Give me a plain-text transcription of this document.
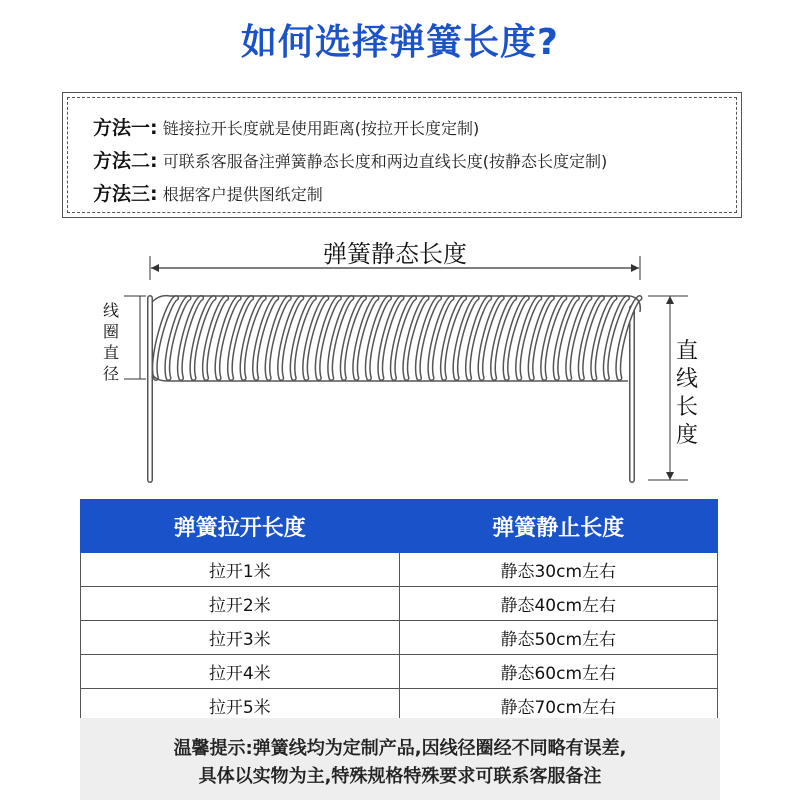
如何选择弹簧长度?
方法一: 链接拉开长度就是使用距离(按拉开长度定制)
方法二: 可联系客服备注弹簧静态长度和两边直线长度(按静态长度定制)
方法三: 根据客户提供图纸定制
弹簧静态长度
线圈直径
直线长度
弹簧拉开长度	弹簧静止长度
拉开1米	静态30cm左右
拉开2米	静态40cm左右
拉开3米	静态50cm左右
拉开4米	静态60cm左右
拉开5米	静态70cm左右
温馨提示:弹簧线均为定制产品,因线径圈经不同略有误差,
具体以实物为主,特殊规格特殊要求可联系客服备注
